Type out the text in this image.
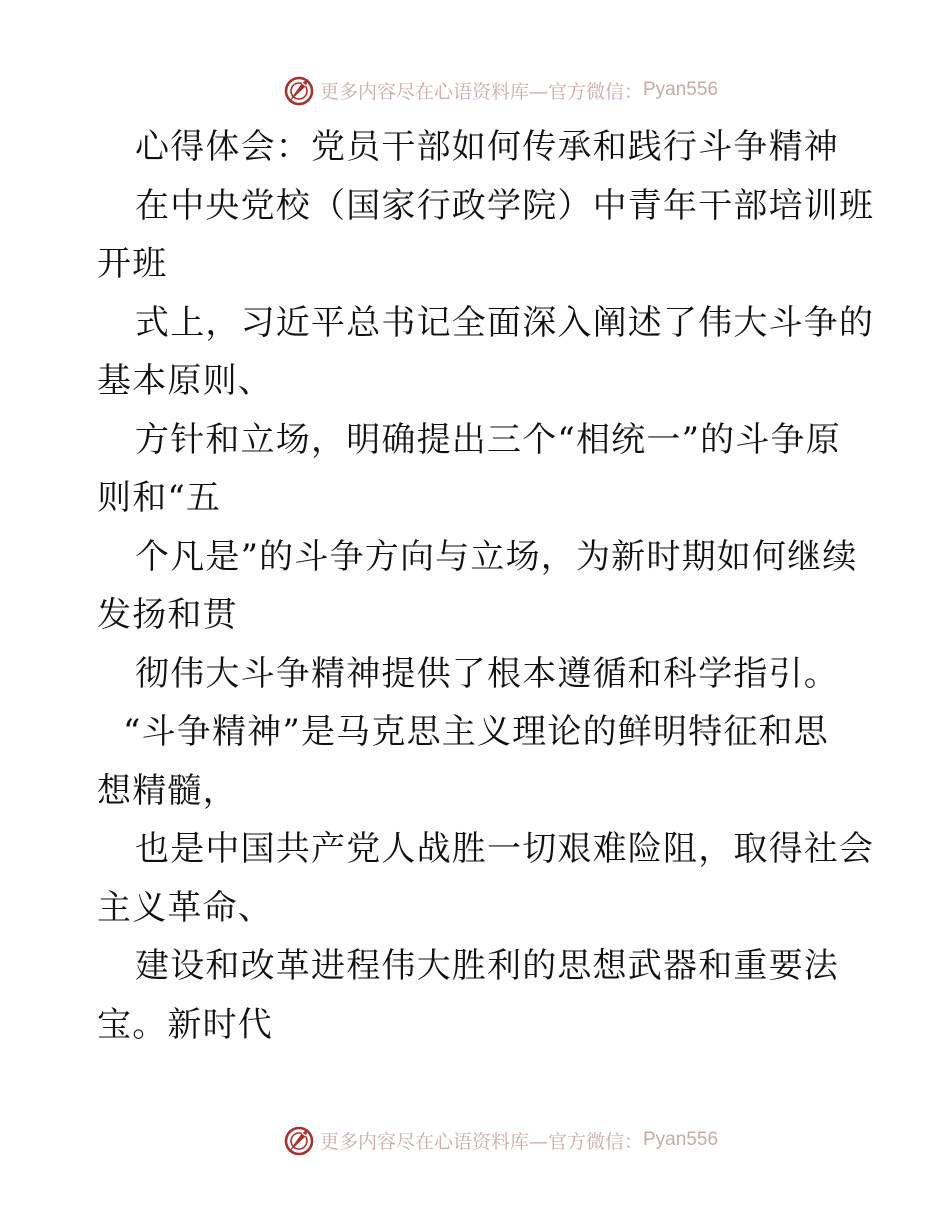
更多内容尽在心语资料库—官方微信： Pyan556
心得体会：党员干部如何传承和践行斗争精神
在中央党校（国家行政学院）中青年干部培训班
开班
式上，习近平总书记全面深入阐述了伟大斗争的
基本原则、
方针和立场，明确提出三个“相统一”的斗争原
则和“五
个凡是”的斗争方向与立场，为新时期如何继续
发扬和贯
彻伟大斗争精神提供了根本遵循和科学指引。
“斗争精神”是马克思主义理论的鲜明特征和思
想精髓，
也是中国共产党人战胜一切艰难险阻，取得社会
主义革命、
建设和改革进程伟大胜利的思想武器和重要法
宝。新时代
更多内容尽在心语资料库—官方微信： Pyan556
